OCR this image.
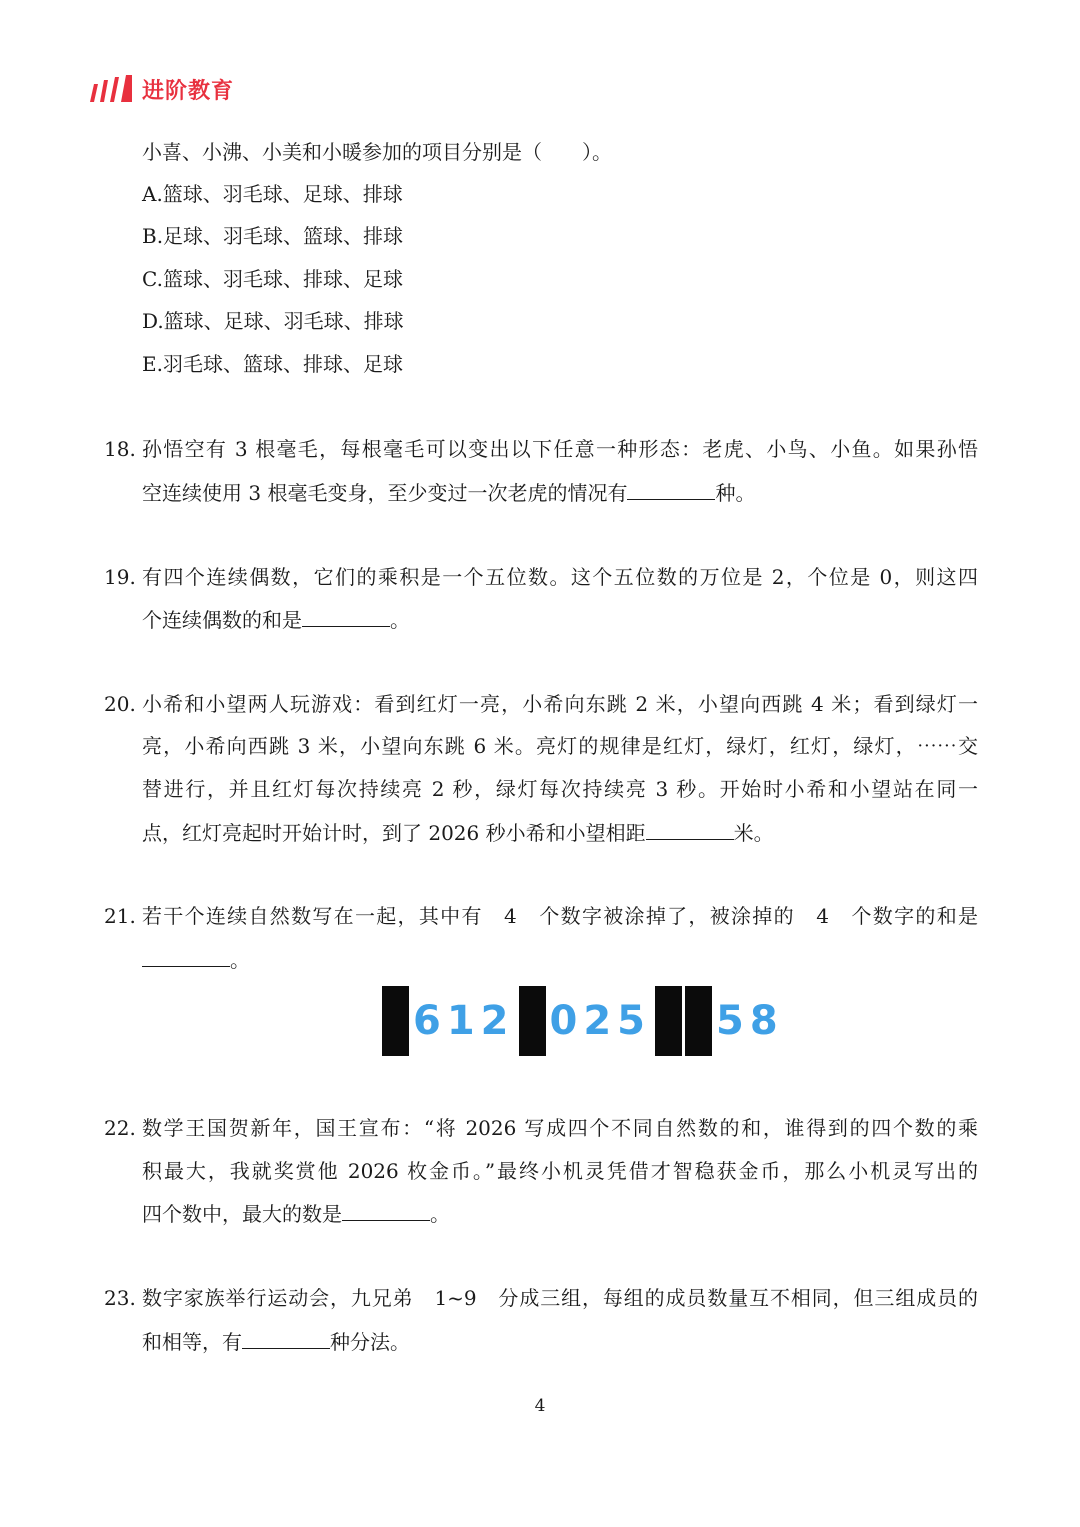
进阶教育
小喜、小沸、小美和小暖参加的项目分别是（　　）。
A.篮球、羽毛球、足球、排球
B.足球、羽毛球、篮球、排球
C.篮球、羽毛球、排球、足球
D.篮球、足球、羽毛球、排球
E.羽毛球、篮球、排球、足球
18. 孙悟空有 3 根毫毛，每根毫毛可以变出以下任意一种形态：老虎、小鸟、小鱼。如果孙悟
空连续使用 3 根毫毛变身，至少变过一次老虎的情况有	种。
19. 有四个连续偶数，它们的乘积是一个五位数。这个五位数的万位是 2，个位是 0，则这四
个连续偶数的和是	。
20. 小希和小望两人玩游戏：看到红灯一亮，小希向东跳 2 米，小望向西跳 4 米；看到绿灯一
亮，小希向西跳 3 米，小望向东跳 6 米。亮灯的规律是红灯，绿灯，红灯，绿灯，⋯⋯交
替进行，并且红灯每次持续亮 2 秒，绿灯每次持续亮 3 秒。开始时小希和小望站在同一
点，红灯亮起时开始计时，到了 2026 秒小希和小望相距	米。
21. 若干个连续自然数写在一起，其中有　4　个数字被涂掉了，被涂掉的　4　个数字的和是
。
612 025 58
22. 数学王国贺新年，国王宣布：“将 2026 写成四个不同自然数的和，谁得到的四个数的乘
积最大，我就奖赏他 2026 枚金币。”最终小机灵凭借才智稳获金币，那么小机灵写出的
四个数中，最大的数是	。
23. 数字家族举行运动会，九兄弟　1~9　分成三组，每组的成员数量互不相同，但三组成员的
和相等，有	种分法。
4
